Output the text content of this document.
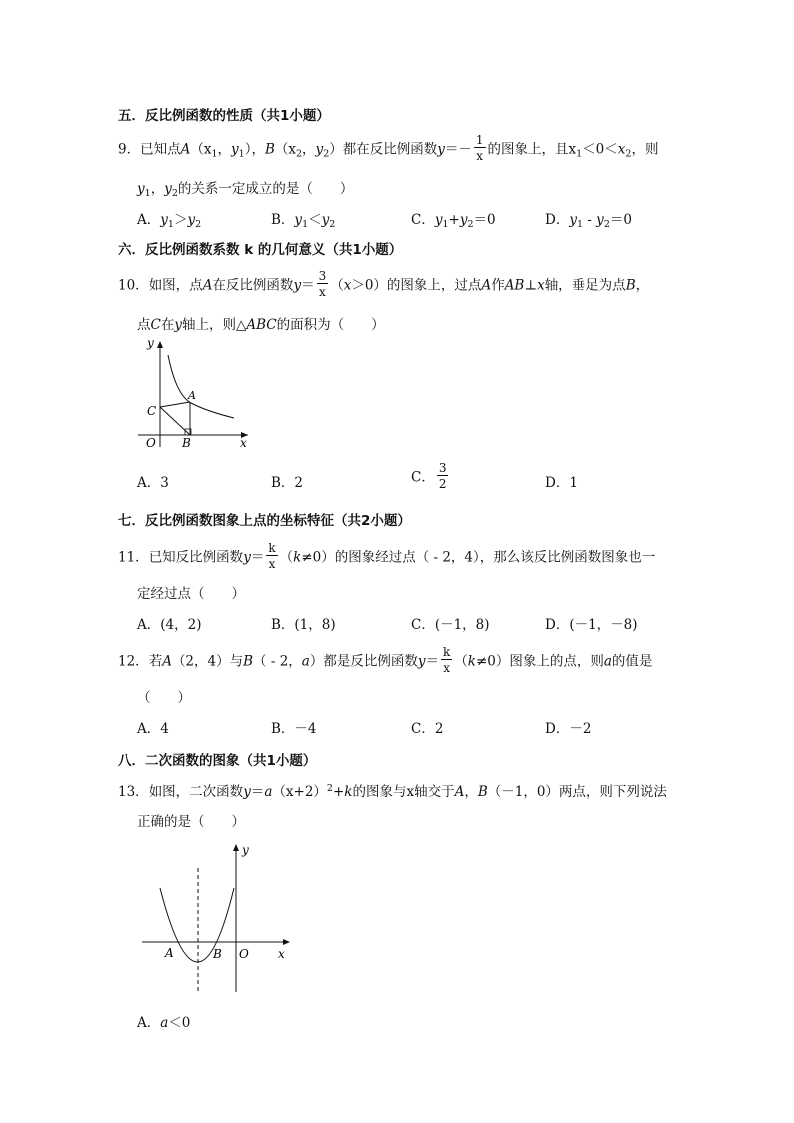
五．反比例函数的性质（共1小题）
9．已知点$A(x_1$，$y_1$），$B(x_2$，$y_2$）都在反比例函数$y=- \frac{1}{x}$ 的图象上，且$x_1<0<x_2$，则
$y_1$，$y_2$的关系一定成立的是（　　）
A．$y_1>y_2$	B．$y_1<y_2$	C．$y_1+y_2=0$	D．$y_1 - y_2=0$
六．反比例函数系数 k 的几何意义（共1小题）
10．如图，点A在反比例函数$y= \frac{3}{x} (x>0)$的图象上，过点A作AB⊥x轴，垂足为点B，
点C在y轴上，则△ABC的面积为（　　）
y
x
O
A
B
C
A．3	B．2	C． $\frac{3}{2}$	D．1
七．反比例函数图象上点的坐标特征（共2小题）
11．已知反比例函数$y= \frac{k}{x} (k\ne 0)$的图象经过点（ - 2，4），那么该反比例函数图象也一
定经过点（　　）
A．(4，2)	B．(1，8)	C．(－1，8)	D．(－1，－8)
12．若A（2，4）与B（ - 2，a）都是反比例函数$y= \frac{k}{x} (k\ne 0)$图象上的点，则a的值是
（　　）
A．4	B．－4	C．2	D．－2
八．二次函数的图象（共1小题）
13．如图，二次函数$y=a(x+2)^2+k$的图象与x轴交于A，B（－1，0）两点，则下列说法
正确的是（　　）
y
x
O
A	B
A．a＜0
